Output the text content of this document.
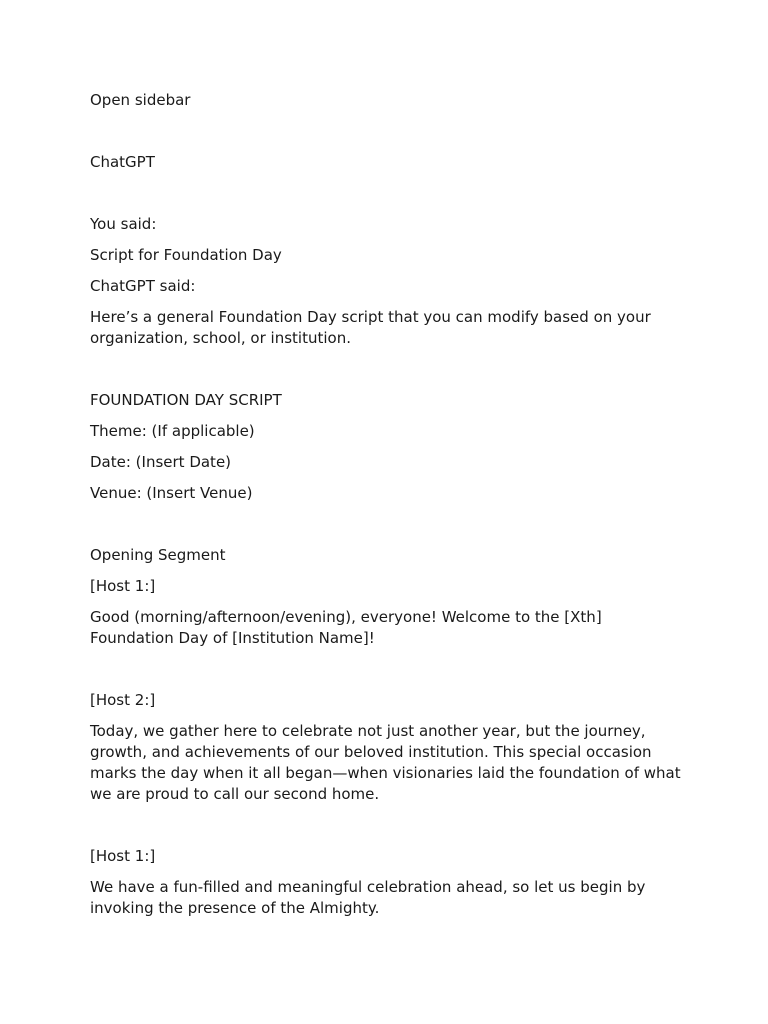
Open sidebar

ChatGPT

You said:

Script for Foundation Day

ChatGPT said:

Here’s a general Foundation Day script that you can modify based on your organization, school, or institution.

FOUNDATION DAY SCRIPT

Theme: (If applicable)

Date: (Insert Date)

Venue: (Insert Venue)

Opening Segment

[Host 1:]

Good (morning/afternoon/evening), everyone! Welcome to the [Xth] Foundation Day of [Institution Name]!

[Host 2:]

Today, we gather here to celebrate not just another year, but the journey, growth, and achievements of our beloved institution. This special occasion marks the day when it all began—when visionaries laid the foundation of what we are proud to call our second home.

[Host 1:]

We have a fun-filled and meaningful celebration ahead, so let us begin by invoking the presence of the Almighty.
